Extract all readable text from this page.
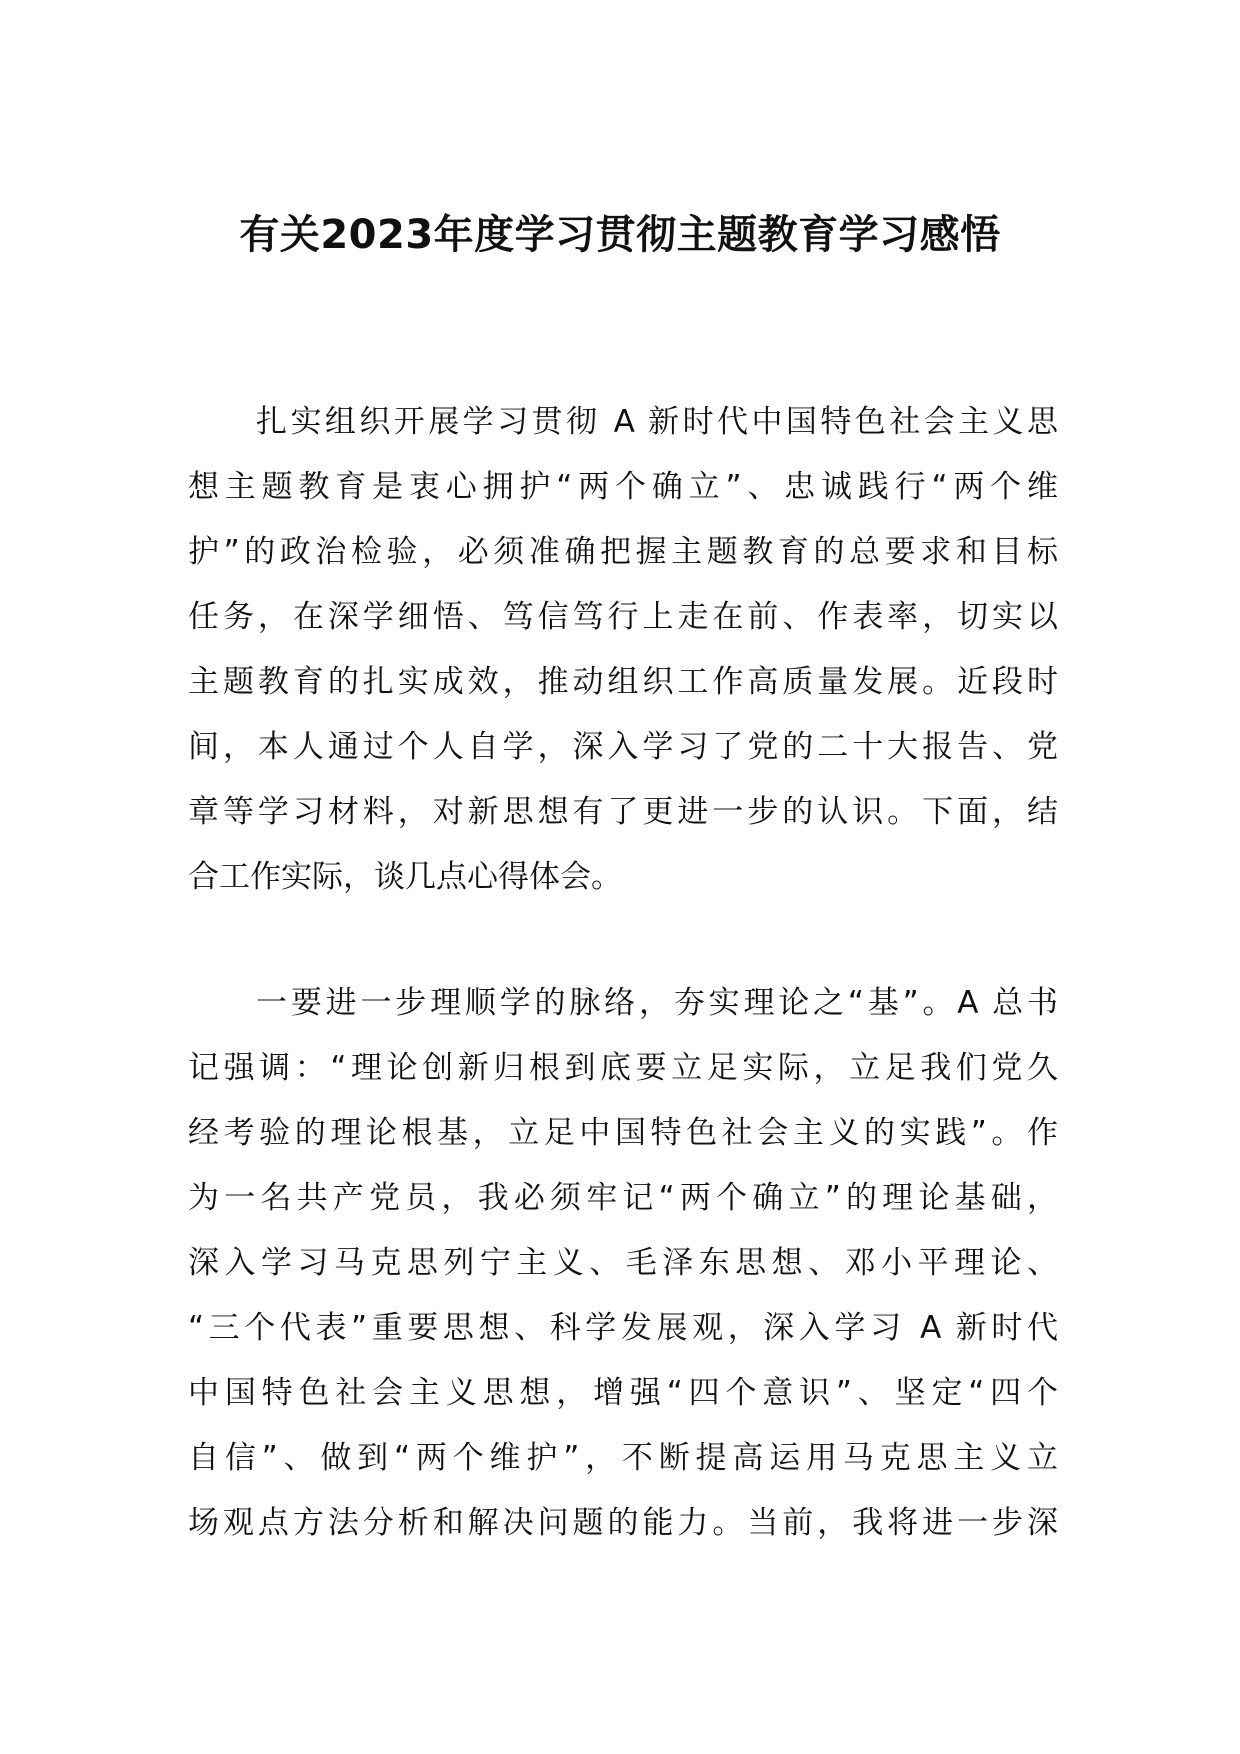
有关2023年度学习贯彻主题教育学习感悟
扎实组织开展学习贯彻 A 新时代中国特色社会主义思
想主题教育是衷心拥护“两个确立”、忠诚践行“两个维
护”的政治检验，必须准确把握主题教育的总要求和目标
任务，在深学细悟、笃信笃行上走在前、作表率，切实以
主题教育的扎实成效，推动组织工作高质量发展。近段时
间，本人通过个人自学，深入学习了党的二十大报告、党
章等学习材料，对新思想有了更进一步的认识。下面，结
合工作实际，谈几点心得体会。
一要进一步理顺学的脉络，夯实理论之“基”。A 总书
记强调：“理论创新归根到底要立足实际，立足我们党久
经考验的理论根基，立足中国特色社会主义的实践”。作
为一名共产党员，我必须牢记“两个确立”的理论基础，
深入学习马克思列宁主义、毛泽东思想、邓小平理论、
“三个代表”重要思想、科学发展观，深入学习 A 新时代
中国特色社会主义思想，增强“四个意识”、坚定“四个
自信”、做到“两个维护”，不断提高运用马克思主义立
场观点方法分析和解决问题的能力。当前，我将进一步深
